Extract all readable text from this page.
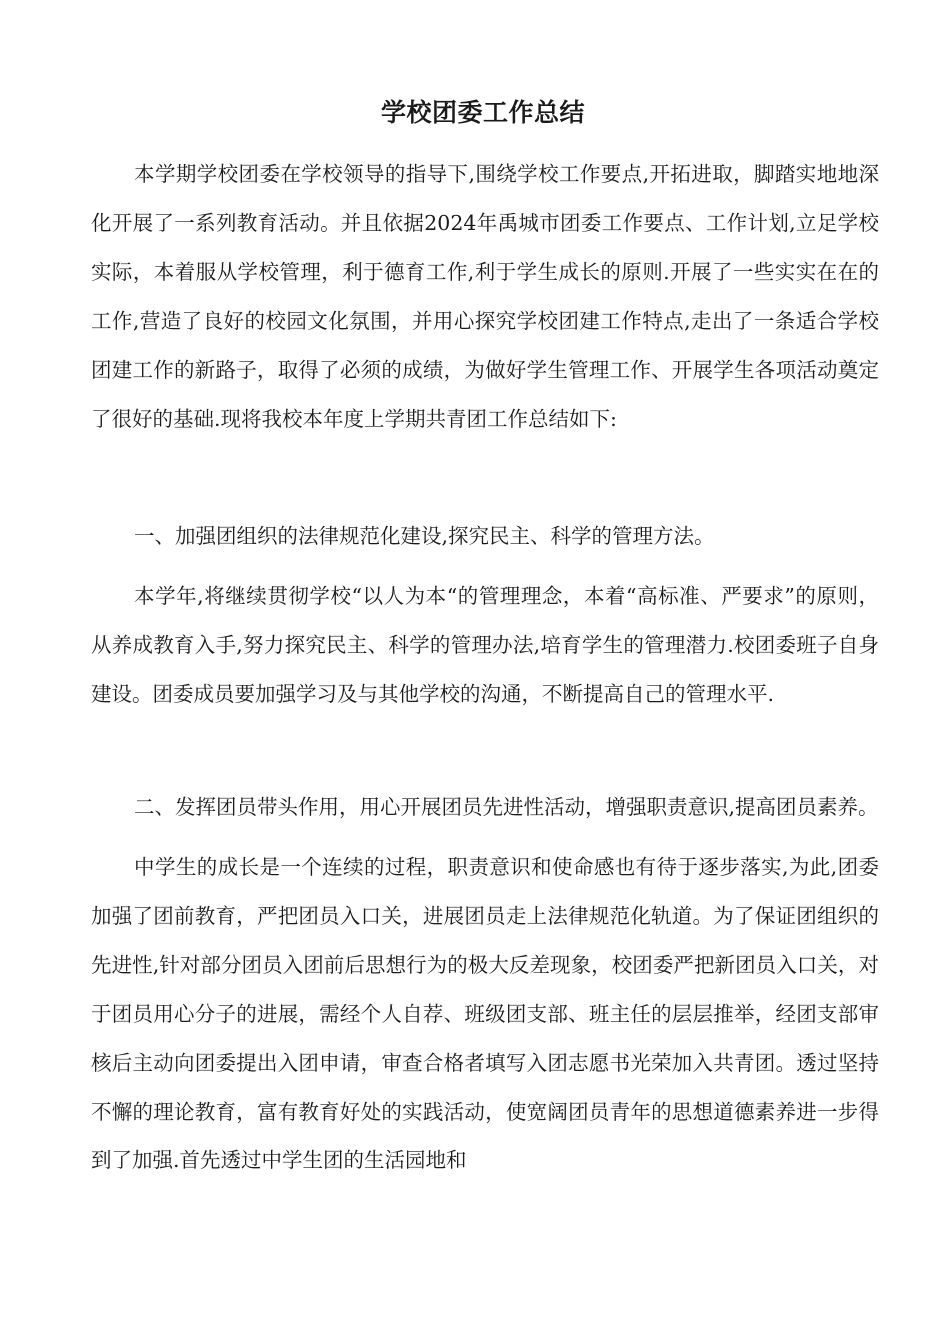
学校团委工作总结

本学期学校团委在学校领导的指导下,围绕学校工作要点,开拓进取，脚踏实地地深化开展了一系列教育活动。并且依据2024年禹城市团委工作要点、工作计划,立足学校实际，本着服从学校管理，利于德育工作,利于学生成长的原则.开展了一些实实在在的工作,营造了良好的校园文化氛围，并用心探究学校团建工作特点,走出了一条适合学校团建工作的新路子，取得了必须的成绩，为做好学生管理工作、开展学生各项活动奠定了很好的基础.现将我校本年度上学期共青团工作总结如下:

一、加强团组织的法律规范化建设,探究民主、科学的管理方法。

本学年,将继续贯彻学校“以人为本“的管理理念，本着“高标准、严要求”的原则，从养成教育入手,努力探究民主、科学的管理办法,培育学生的管理潜力.校团委班子自身建设。团委成员要加强学习及与其他学校的沟通，不断提高自己的管理水平.

二、发挥团员带头作用，用心开展团员先进性活动，增强职责意识,提高团员素养。

中学生的成长是一个连续的过程，职责意识和使命感也有待于逐步落实,为此,团委加强了团前教育，严把团员入口关，进展团员走上法律规范化轨道。为了保证团组织的先进性,针对部分团员入团前后思想行为的极大反差现象，校团委严把新团员入口关，对于团员用心分子的进展，需经个人自荐、班级团支部、班主任的层层推举，经团支部审核后主动向团委提出入团申请，审查合格者填写入团志愿书光荣加入共青团。透过坚持不懈的理论教育，富有教育好处的实践活动，使宽阔团员青年的思想道德素养进一步得到了加强.首先透过中学生团的生活园地和
